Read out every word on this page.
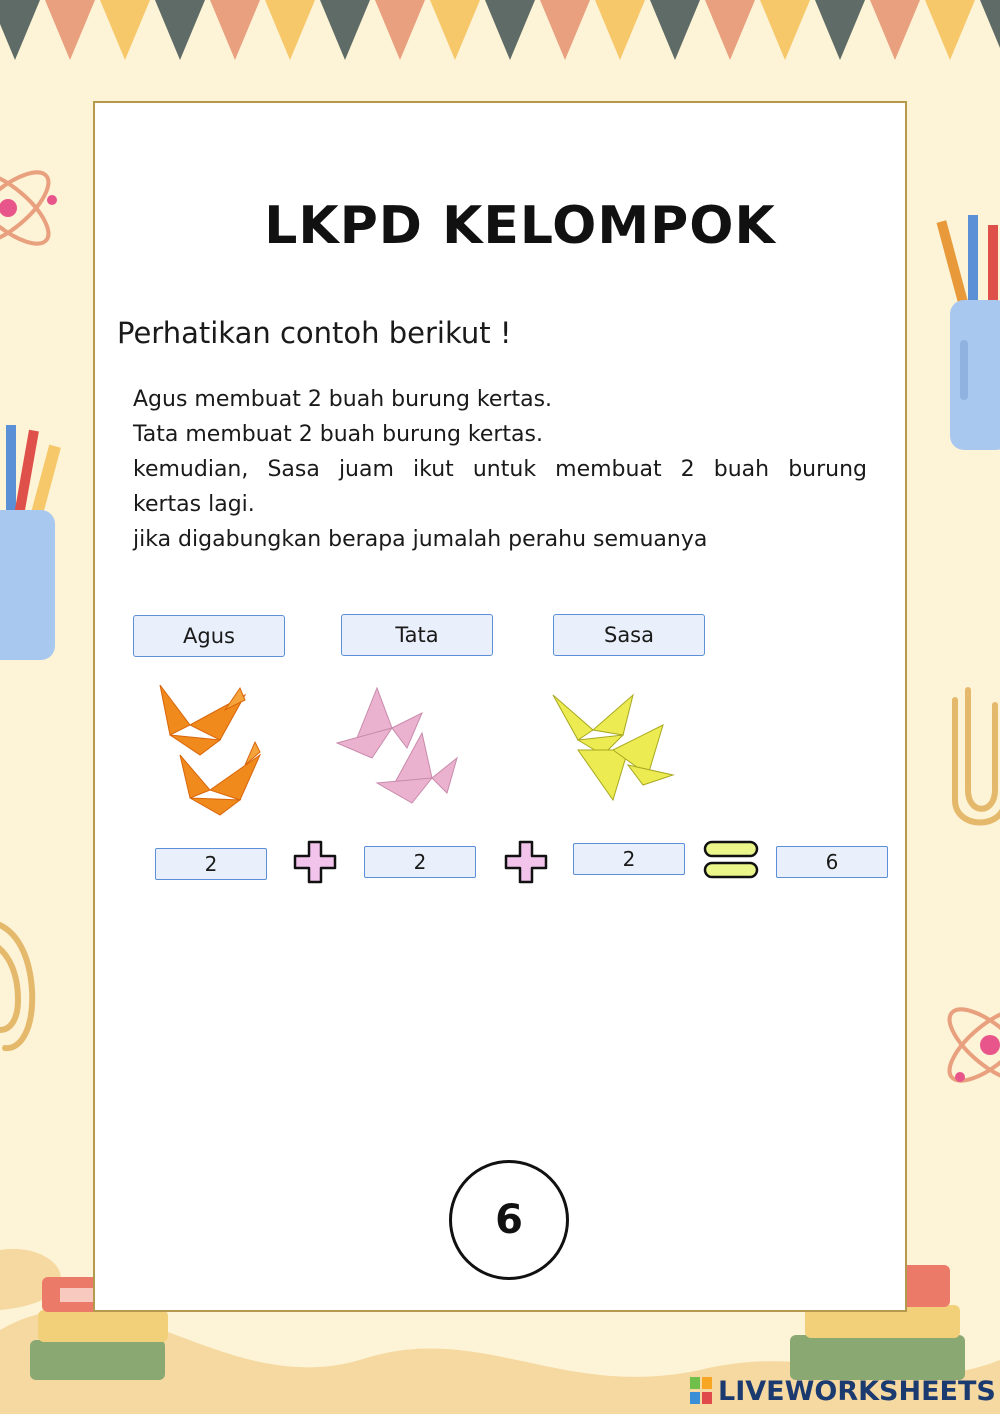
LKPD KELOMPOK
Perhatikan contoh berikut !

Agus membuat 2 buah burung kertas.

Tata membuat 2 buah burung kertas.

kemudian, Sasa juam ikut untuk membuat 2 buah burung

kertas lagi.

jika digabungkan berapa jumalah perahu semuanya

Agus	Tata	Sasa
2	2	2	6
6
LIVEWORKSHEETS
